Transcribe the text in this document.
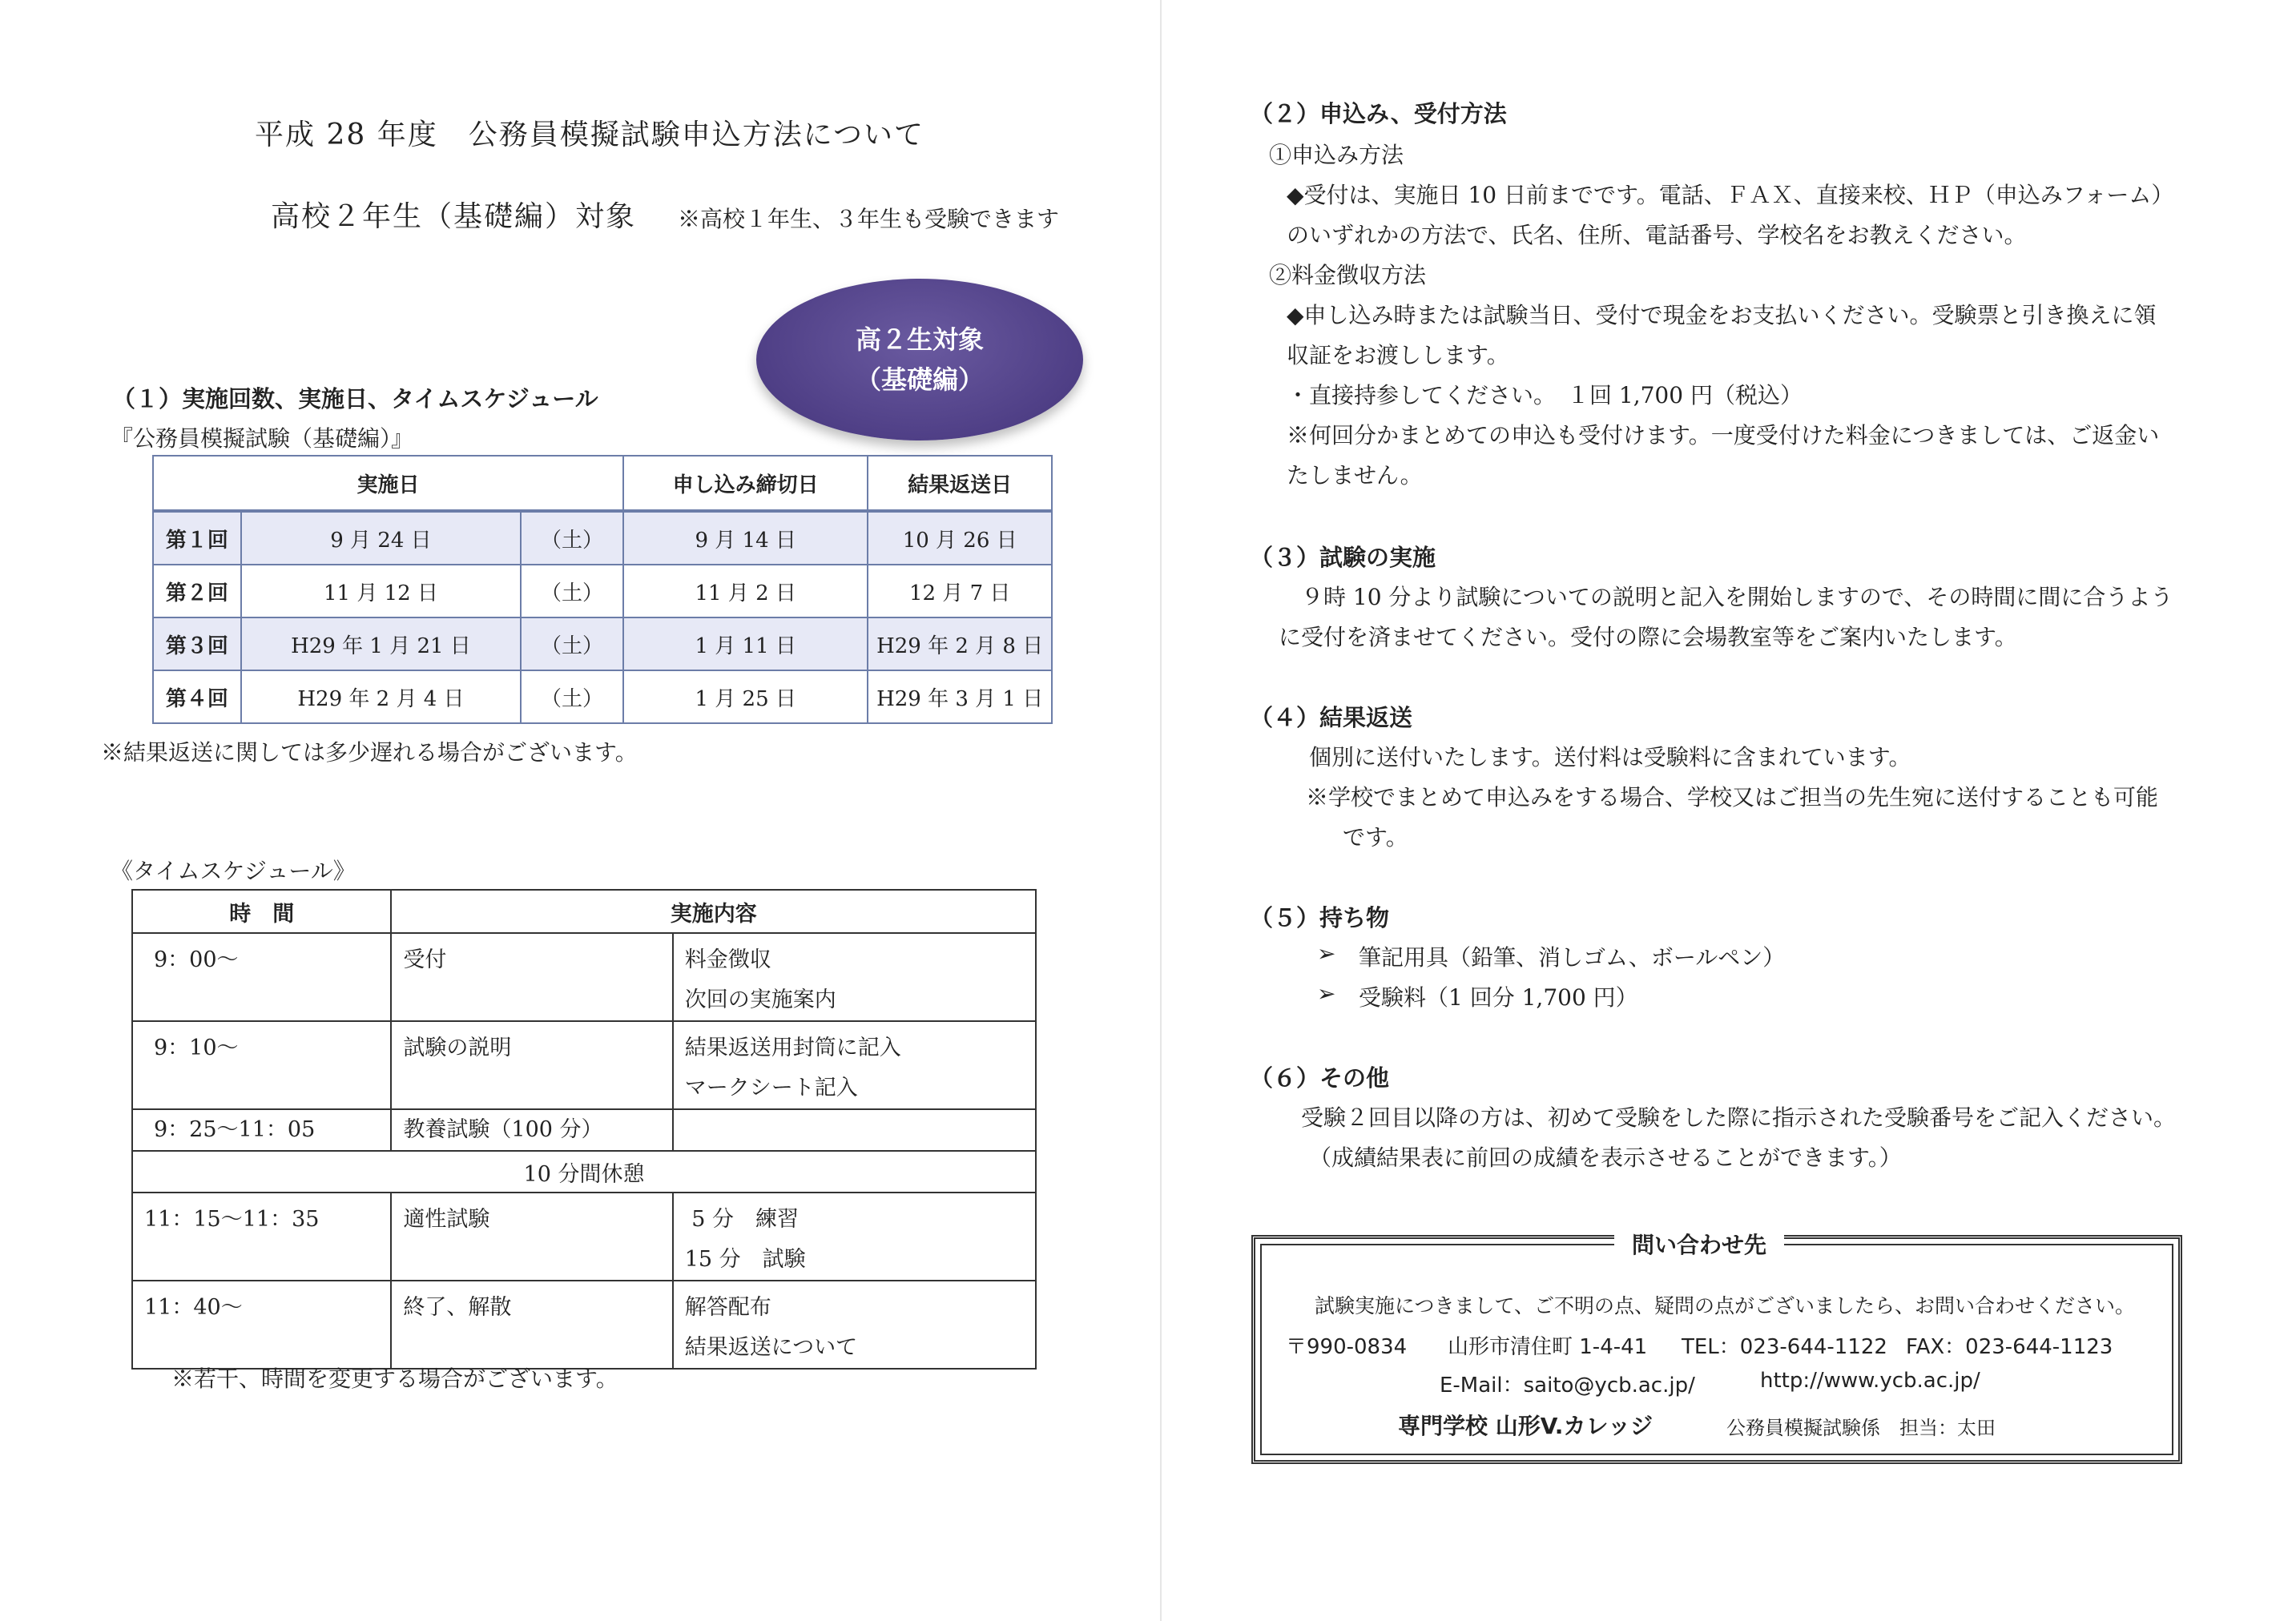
平成 28 年度　公務員模擬試験申込方法について
高校２年生（基礎編）対象 ※高校１年生、３年生も受験できます
高２生対象
（基礎編）
（１）実施回数、実施日、タイムスケジュール
『公務員模擬試験（基礎編）』
実施日			申し込み締切日	結果返送日
第１回	9 月 24 日	（土）	9 月 14 日	10 月 26 日
第２回	11 月 12 日	（土）	11 月 2 日	12 月 7 日
第３回	H29 年 1 月 21 日	（土）	1 月 11 日	H29 年 2 月 8 日
第４回	H29 年 2 月 4 日	（土）	1 月 25 日	H29 年 3 月 1 日
※結果返送に関しては多少遅れる場合がございます。
《タイムスケジュール》
時　間	実施内容	

9：00〜	受付	料金徴収
次回の実施案内

9：10〜	試験の説明	結果返送用封筒に記入
マークシート記入

9：25〜11：05	教養試験（100 分）	

10 分間休憩		

11：15〜11：35	適性試験	5 分　練習
15 分　試験

11：40〜	終了、解散	解答配布
結果返送について
※若干、時間を変更する場合がございます。
（２）申込み、受付方法
①申込み方法
◆受付は、実施日 10 日前までです。電話、ＦＡＸ、直接来校、ＨＰ（申込みフォーム）
のいずれかの方法で、氏名、住所、電話番号、学校名をお教えください。
②料金徴収方法
◆申し込み時または試験当日、受付で現金をお支払いください。受験票と引き換えに領
収証をお渡しします。
・直接持参してください。　１回 1,700 円（税込）
※何回分かまとめての申込も受付けます。一度受付けた料金につきましては、ご返金い
たしません。
（３）試験の実施
９時 10 分より試験についての説明と記入を開始しますので、その時間に間に合うよう
に受付を済ませてください。受付の際に会場教室等をご案内いたします。
（４）結果返送
個別に送付いたします。送付料は受験料に含まれています。
※学校でまとめて申込みをする場合、学校又はご担当の先生宛に送付することも可能
です。
（５）持ち物
➢ 筆記用具（鉛筆、消しゴム、ボールペン）
➢ 受験料（1 回分 1,700 円）
（６）その他
受験２回目以降の方は、初めて受験をした際に指示された受験番号をご記入ください。
（成績結果表に前回の成績を表示させることができます。）
問い合わせ先
試験実施につきまして、ご不明の点、疑問の点がございましたら、お問い合わせください。
〒990-0834 山形市清住町 1-4-41 TEL：023-644-1122 FAX：023-644-1123
E-Mail：saito@ycb.ac.jp/	http://www.ycb.ac.jp/
専門学校 山形V.カレッジ	公務員模擬試験係　担当：太田
